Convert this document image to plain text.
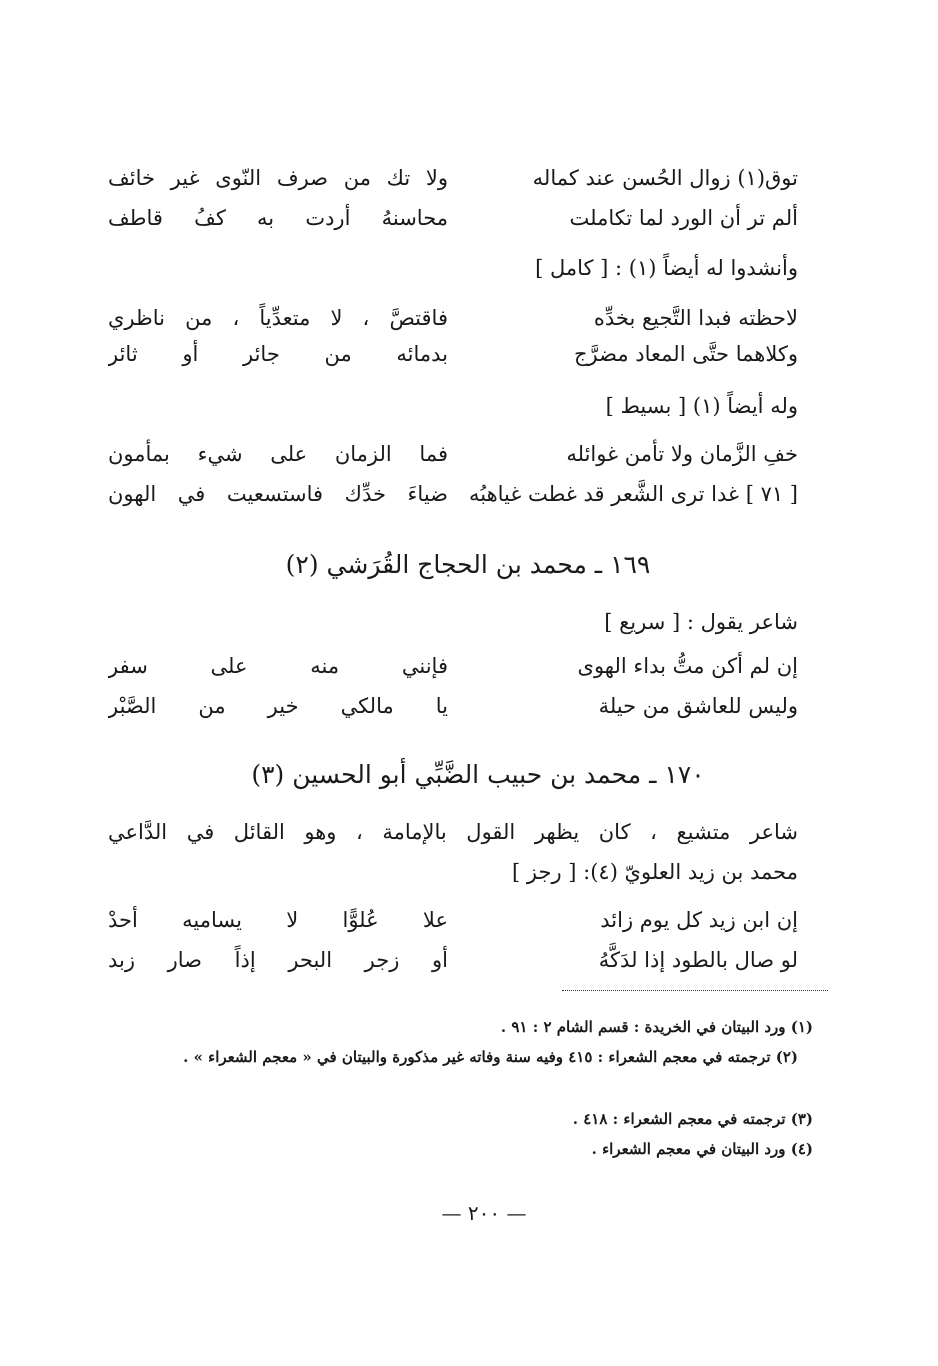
توق(١) زوال الحُسن عند كماله
ولا تك من صرف النّوى غير خائف
ألم تر أن الورد لما تكاملت
محاسنهُ أردت به كفُ قاطف
وأنشدوا له أيضاً (١) : [ كامل ]
لاحظته فبدا التَّجيع بخدِّه
فاقتصَّ ، لا متعدِّياً ، من ناظري
وكلاهما حتَّى المعاد مضرَّج
بدمائه من جائر أو ثائر
وله أيضاً (١) [ بسيط ]
خفِ الزَّمان ولا تأمن غوائله
فما الزمان على شيء بمأمون
[ ٧١ ] غدا ترى الشَّعر قد غطت غياهبُه
ضياءَ خدِّك فاستسعيت في الهون
١٦٩ ـ محمد بن الحجاج القُرَشي (٢)
شاعر يقول : [ سريع ]
إن لم أكن متُّ بداء الهوى
فإنني منه على سفر
وليس للعاشق من حيلة
يا مالكي خير من الصَّبْر
١٧٠ ـ محمد بن حبيب الضَّبِّي أبو الحسين (٣)
شاعر متشيع ، كان يظهر القول بالإمامة ، وهو القائل في الدَّاعي
محمد بن زيد العلويّ (٤): [ رجز ]
إن ابن زيد كل يوم زائد
علا عُلوًّا لا يساميه أحدْ
لو صال بالطود إذا لدَكَّهُ
أو زجر البحر إذاً صار زبد
(١) ورد البيتان في الخريدة : قسم الشام ٢ : ٩١ .
(٢) ترجمته في معجم الشعراء : ٤١٥ وفيه سنة وفاته غير مذكورة والبيتان في « معجم الشعراء » .
(٣) ترجمته في معجم الشعراء : ٤١٨ .
(٤) ورد البيتان في معجم الشعراء .
— ٢٠٠ —
